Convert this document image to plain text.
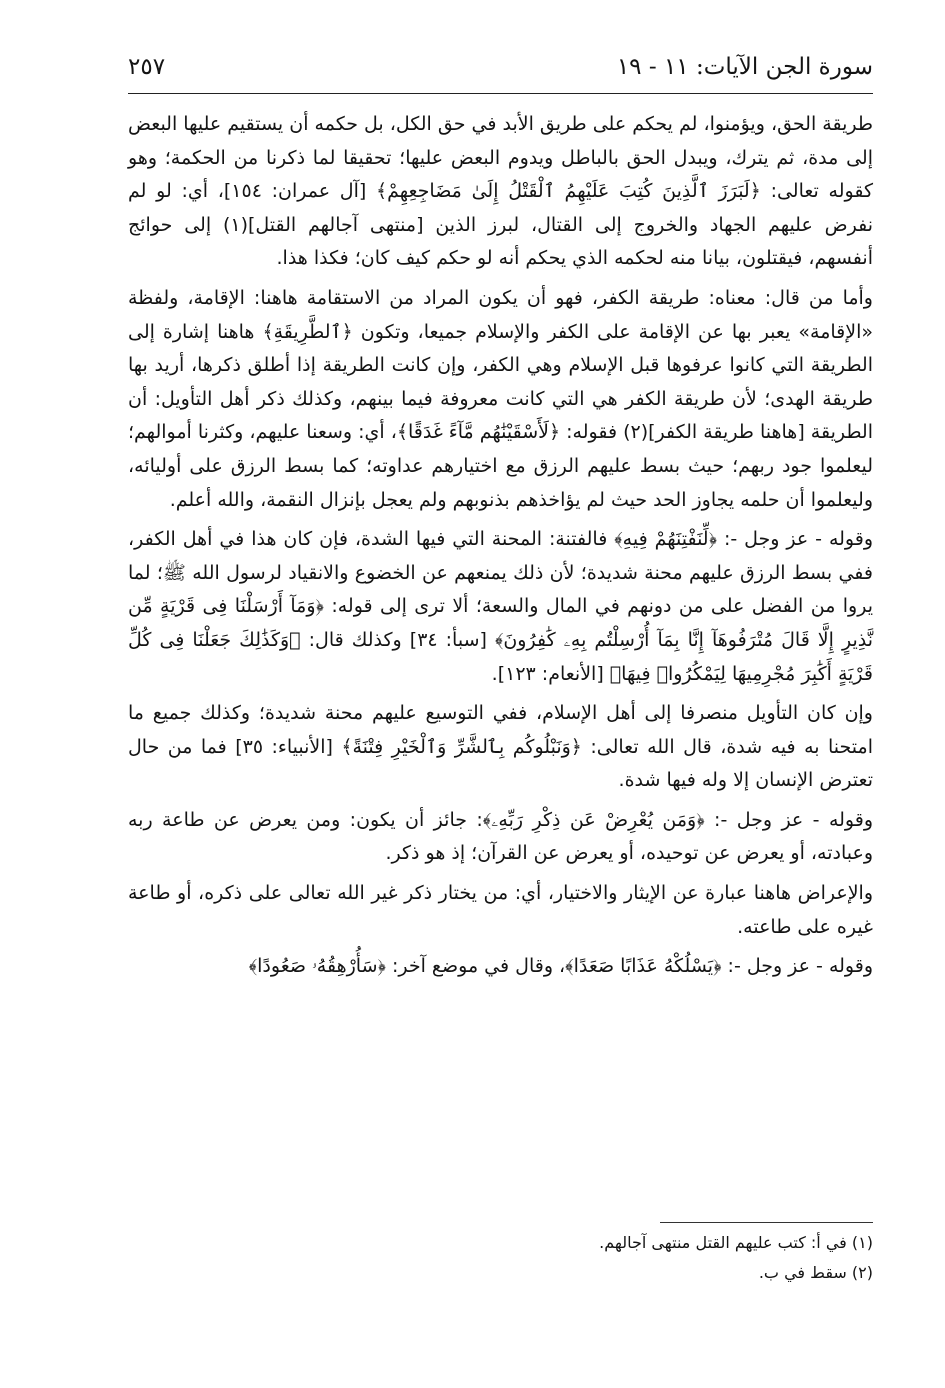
سورة الجن الآيات: ١١ - ١٩
٢٥٧

طريقة الحق، ويؤمنوا، لم يحكم على طريق الأبد في حق الكل، بل حكمه أن يستقيم عليها البعض إلى مدة، ثم يترك، ويبدل الحق بالباطل ويدوم البعض عليها؛ تحقيقا لما ذكرنا من الحكمة؛ وهو كقوله تعالى: ﴿لَبَرَزَ ٱلَّذِينَ كُتِبَ عَلَيْهِمُ ٱلْقَتْلُ إِلَىٰ مَضَاجِعِهِمْ﴾ [آل عمران: ١٥٤]، أي: لو لم نفرض عليهم الجهاد والخروج إلى القتال، لبرز الذين [منتهى آجالهم القتل](١) إلى حوائج أنفسهم، فيقتلون، بيانا منه لحكمه الذي يحكم أنه لو حكم كيف كان؛ فكذا هذا.

وأما من قال: معناه: طريقة الكفر، فهو أن يكون المراد من الاستقامة هاهنا: الإقامة، ولفظة «الإقامة» يعبر بها عن الإقامة على الكفر والإسلام جميعا، وتكون ﴿ٱلطَّرِيقَةِ﴾ هاهنا إشارة إلى الطريقة التي كانوا عرفوها قبل الإسلام وهي الكفر، وإن كانت الطريقة إذا أطلق ذكرها، أريد بها طريقة الهدى؛ لأن طريقة الكفر هي التي كانت معروفة فيما بينهم، وكذلك ذكر أهل التأويل: أن الطريقة [هاهنا طريقة الكفر](٢) فقوله: ﴿لَأَسْقَيْنَٰهُم مَّآءً غَدَقًا﴾، أي: وسعنا عليهم، وكثرنا أموالهم؛ ليعلموا جود ربهم؛ حيث بسط عليهم الرزق مع اختيارهم عداوته؛ كما بسط الرزق على أوليائه، وليعلموا أن حلمه يجاوز الحد حيث لم يؤاخذهم بذنوبهم ولم يعجل بإنزال النقمة، والله أعلم.

وقوله - عز وجل -: ﴿لِّنَفْتِنَهُمْ فِيهِ﴾ فالفتنة: المحنة التي فيها الشدة، فإن كان هذا في أهل الكفر، ففي بسط الرزق عليهم محنة شديدة؛ لأن ذلك يمنعهم عن الخضوع والانقياد لرسول الله ﷺ؛ لما يروا من الفضل على من دونهم في المال والسعة؛ ألا ترى إلى قوله: ﴿وَمَآ أَرْسَلْنَا فِى قَرْيَةٍ مِّن نَّذِيرٍ إِلَّا قَالَ مُتْرَفُوهَآ إِنَّا بِمَآ أُرْسِلْتُم بِهِۦ كَٰفِرُونَ﴾ [سبأ: ٣٤] وكذلك قال: ﴿وَكَذَٰلِكَ جَعَلْنَا فِى كُلِّ قَرْيَةٍ أَكَٰبِرَ مُجْرِمِيهَا لِيَمْكُرُوا۟ فِيهَا﴾ [الأنعام: ١٢٣].

وإن كان التأويل منصرفا إلى أهل الإسلام، ففي التوسيع عليهم محنة شديدة؛ وكذلك جميع ما امتحنا به فيه شدة، قال الله تعالى: ﴿وَنَبْلُوكُم بِٱلشَّرِّ وَٱلْخَيْرِ فِتْنَةً﴾ [الأنبياء: ٣٥] فما من حال تعترض الإنسان إلا وله فيها شدة.

وقوله - عز وجل -: ﴿وَمَن يُعْرِضْ عَن ذِكْرِ رَبِّهِۦ﴾: جائز أن يكون: ومن يعرض عن طاعة ربه وعبادته، أو يعرض عن توحيده، أو يعرض عن القرآن؛ إذ هو ذكر.

والإعراض هاهنا عبارة عن الإيثار والاختيار، أي: من يختار ذكر غير الله تعالى على ذكره، أو طاعة غيره على طاعته.

وقوله - عز وجل -: ﴿يَسْلُكْهُ عَذَابًا صَعَدًا﴾، وقال في موضع آخر: ﴿سَأُرْهِقُهُۥ صَعُودًا﴾

(١) في أ: كتب عليهم القتل منتهى آجالهم.
(٢) سقط في ب.
